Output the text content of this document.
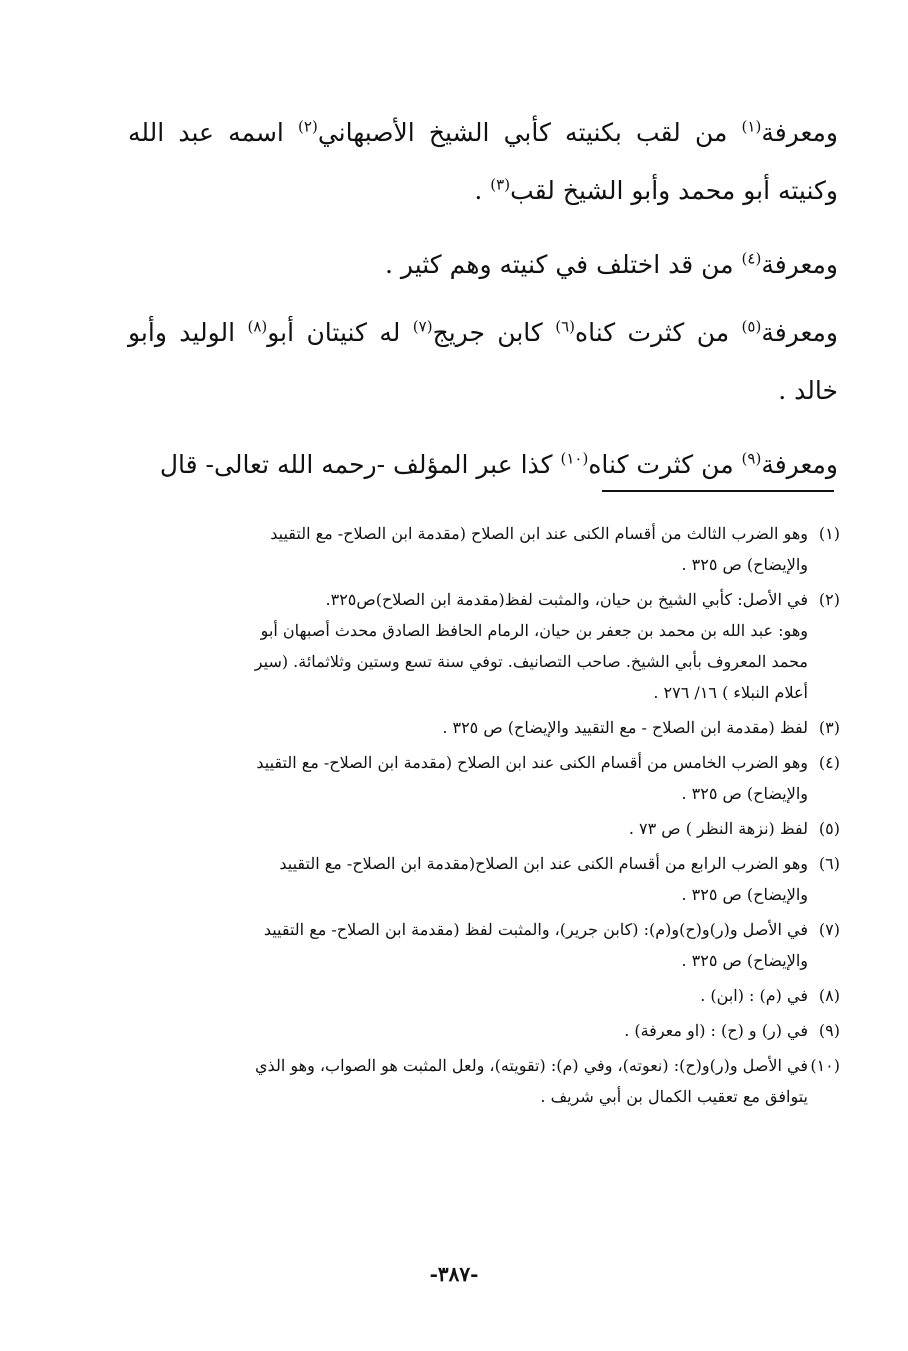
ومعرفة$^{(١)}$ من لقب بكنيته كأبي الشيخ الأصبهاني$^{(٢)}$ اسمه عبد الله وكنيته أبو محمد وأبو الشيخ لقب$^{(٣)}$ .

ومعرفة$^{(٤)}$ من قد اختلف في كنيته وهم كثير .

ومعرفة$^{(٥)}$ من كثرت كناه$^{(٦)}$ كابن جريج$^{(٧)}$ له كنيتان أبو$^{(٨)}$ الوليد وأبو خالد .

ومعرفة$^{(٩)}$ من كثرت كناه$^{(١٠)}$ كذا عبر المؤلف -رحمه الله تعالى- قال

(١)
وهو الضرب الثالث من أقسام الكنى عند ابن الصلاح (مقدمة ابن الصلاح- مع التقييد
والإيضاح) ص ٣٢٥ .
(٢)
في الأصل: كأبي الشيخ بن حيان، والمثبت لفظ(مقدمة ابن الصلاح)ص٣٢٥.
وهو: عبد الله بن محمد بن جعفر بن حيان، الرمام الحافظ الصادق محدث أصبهان أبو
محمد المعروف بأبي الشيخ. صاحب التصانيف. توفي سنة تسع وستين وثلاثمائة. (سير
أعلام النبلاء ) ١٦/ ٢٧٦ .
(٣)
لفظ (مقدمة ابن الصلاح - مع التقييد والإيضاح) ص ٣٢٥ .
(٤)
وهو الضرب الخامس من أقسام الكنى عند ابن الصلاح (مقدمة ابن الصلاح- مع التقييد
والإيضاح) ص ٣٢٥ .
(٥)
لفظ (نزهة النظر ) ص ٧٣ .
(٦)
وهو الضرب الرابع من أقسام الكنى عند ابن الصلاح(مقدمة ابن الصلاح- مع التقييد
والإيضاح) ص ٣٢٥ .
(٧)
في الأصل و(ر)و(ح)و(م): (كابن جرير)، والمثبت لفظ (مقدمة ابن الصلاح- مع التقييد
والإيضاح) ص ٣٢٥ .
(٨)
في (م) : (ابن) .
(٩)
في (ر) و (ح) : (او معرفة) .
(١٠)
في الأصل و(ر)و(ح): (نعوته)، وفي (م): (تقويته)، ولعل المثبت هو الصواب، وهو الذي
يتوافق مع تعقيب الكمال بن أبي شريف .
-٣٨٧-
